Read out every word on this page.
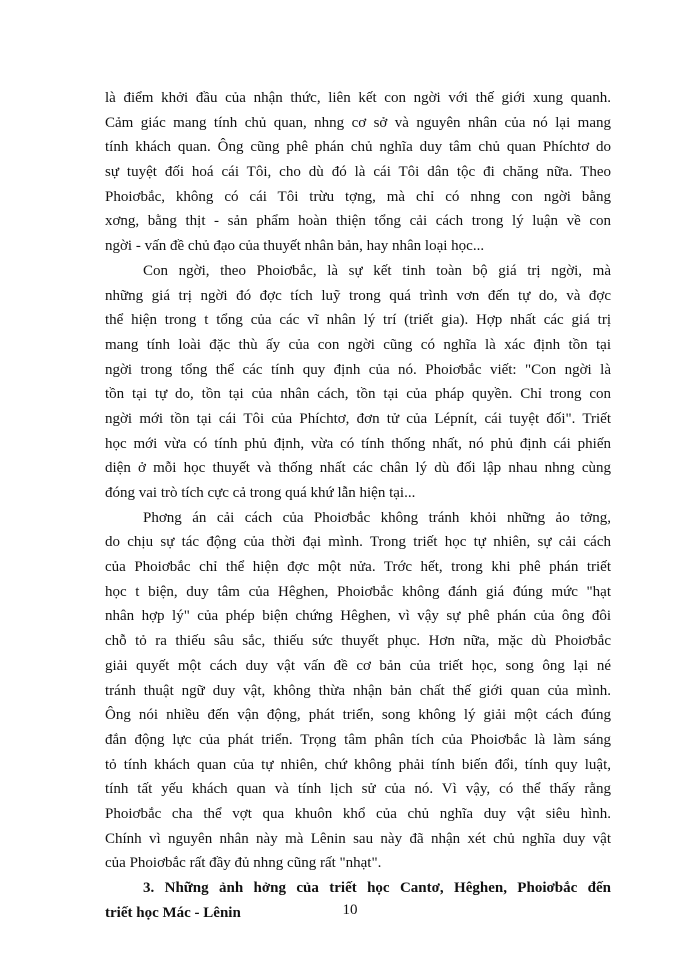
là điểm khởi đầu của nhận thức, liên kết con ngời với thế giới xung quanh.
Cảm giác mang tính chủ quan, nhng cơ sở và nguyên nhân của nó lại mang
tính khách quan. Ông cũng phê phán chủ nghĩa duy tâm chủ quan Phíchtơ do
sự tuyệt đối hoá cái Tôi, cho dù đó là cái Tôi dân tộc đi chăng nữa. Theo
Phoiơbắc, không có cái Tôi trừu tợng, mà chỉ có nhng con ngời bằng
xơng, bằng thịt - sản phẩm hoàn thiện tổng cải cách trong lý luận về con
ngời - vấn đề chủ đạo của thuyết nhân bản, hay nhân loại học...
Con ngời, theo Phoiơbắc, là sự kết tinh toàn bộ giá trị ngời, mà
những giá trị ngời đó đợc tích luỹ trong quá trình vơn đến tự do, và đợc
thể hiện trong t tổng của các vĩ nhân lý trí (triết gia). Hợp nhất các giá trị
mang tính loài đặc thù ấy của con ngời cũng có nghĩa là xác định tồn tại
ngời trong tổng thể các tính quy định của nó. Phoiơbắc viết: "Con ngời là
tồn tại tự do, tồn tại của nhân cách, tồn tại của pháp quyền. Chỉ trong con
ngời mới tồn tại cái Tôi của Phíchtơ, đơn tử của Lépnít, cái tuyệt đối". Triết
học mới vừa có tính phủ định, vừa có tính thống nhất, nó phủ định cái phiến
diện ở mỗi học thuyết và thống nhất các chân lý dù đối lập nhau nhng cùng
đóng vai trò tích cực cả trong quá khứ lẫn hiện tại...
Phơng án cải cách của Phoiơbắc không tránh khỏi những ảo tởng,
do chịu sự tác động của thời đại mình. Trong triết học tự nhiên, sự cải cách
của Phoiơbắc chỉ thể hiện đợc một nửa. Trớc hết, trong khi phê phán triết
học t biện, duy tâm của Hêghen, Phoiơbắc không đánh giá đúng mức "hạt
nhân hợp lý" của phép biện chứng Hêghen, vì vậy sự phê phán của ông đôi
chỗ tỏ ra thiếu sâu sắc, thiếu sức thuyết phục. Hơn nữa, mặc dù Phoiơbắc
giải quyết một cách duy vật vấn đề cơ bản của triết học, song ông lại né
tránh thuật ngữ duy vật, không thừa nhận bản chất thế giới quan của mình.
Ông nói nhiều đến vận động, phát triển, song không lý giải một cách đúng
đắn động lực của phát triển. Trọng tâm phân tích của Phoiơbắc là làm sáng
tỏ tính khách quan của tự nhiên, chứ không phải tính biến đổi, tính quy luật,
tính tất yếu khách quan và tính lịch sử của nó. Vì vậy, có thể thấy rằng
Phoiơbắc cha thể vợt qua khuôn khổ của chủ nghĩa duy vật siêu hình.
Chính vì nguyên nhân này mà Lênin sau này đã nhận xét chủ nghĩa duy vật
của Phoiơbắc rất đầy đủ nhng cũng rất "nhạt".
3. Những ảnh hởng của triết học Cantơ, Hêghen, Phoiơbắc đến
triết học Mác - Lênin	10
